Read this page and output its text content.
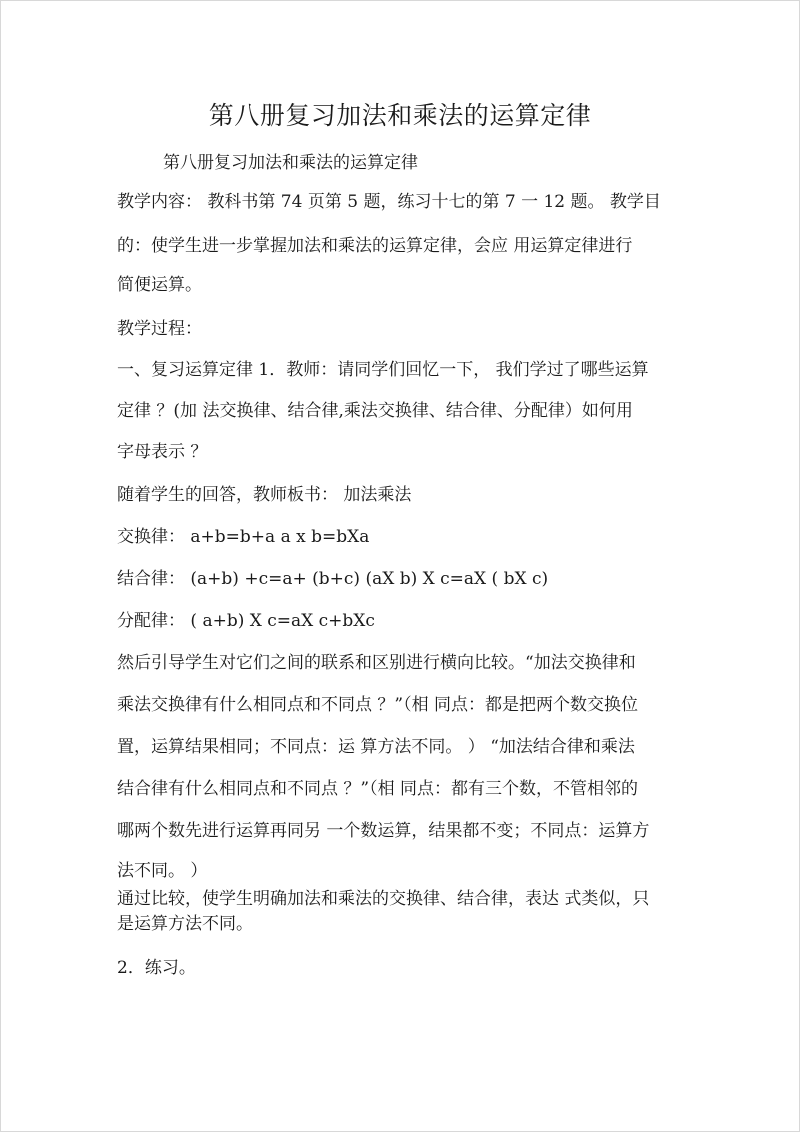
第八册复习加法和乘法的运算定律
第八册复习加法和乘法的运算定律
教学内容： 教科书第 74 页第 5 题，练习十七的第 7 一 12 题。 教学目
的：使学生进一步掌握加法和乘法的运算定律，会应 用运算定律进行
简便运算。
教学过程：
一、复习运算定律 1．教师：请同学们回忆一下， 我们学过了哪些运算
定律 ？(加 法交换律、结合律,乘法交换律、结合律、分配律）如何用
字母表示 ？
随着学生的回答，教师板书： 加法乘法
交换律： a+b=b+a a x b=bXa
结合律： (a+b) +c=a+ (b+c) (aX b) X c=aX ( bX c)
分配律： ( a+b) X c=aX c+bXc
然后引导学生对它们之间的联系和区别进行横向比较。“加法交换律和
乘法交换律有什么相同点和不同点 ？”（相 同点：都是把两个数交换位
置，运算结果相同；不同点：运 算方法不同。 ） “加法结合律和乘法
结合律有什么相同点和不同点 ？”（相 同点：都有三个数，不管相邻的
哪两个数先进行运算再同另 一个数运算，结果都不变；不同点：运算方
法不同。 ）
通过比较，使学生明确加法和乘法的交换律、结合律，表达 式类似，只
是运算方法不同。
2．练习。
